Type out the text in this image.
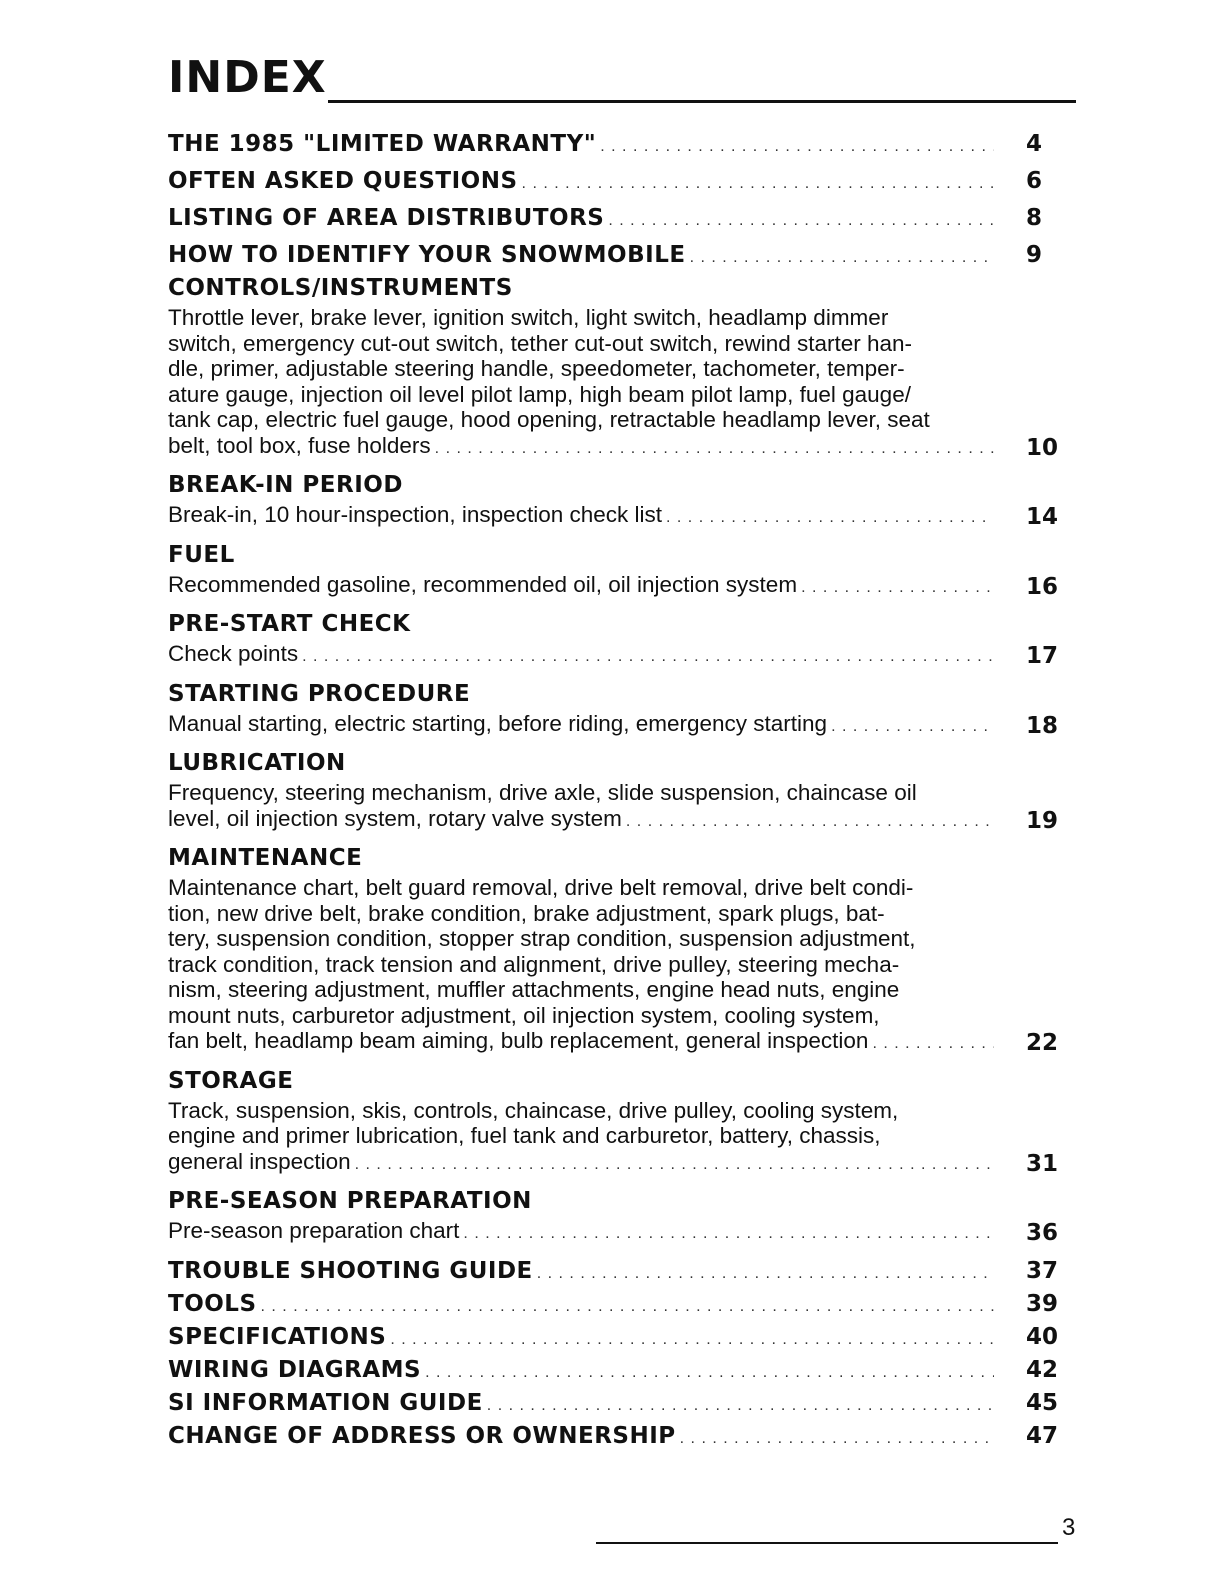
INDEX
THE 1985 "LIMITED WARRANTY" . . .	4
OFTEN ASKED QUESTIONS . . .	6
LISTING OF AREA DISTRIBUTORS . . .	8
HOW TO IDENTIFY YOUR SNOWMOBILE . . .	9
CONTROLS/INSTRUMENTS
Throttle lever, brake lever, ignition switch, light switch, headlamp dimmer
switch, emergency cut-out switch, tether cut-out switch, rewind starter han-
dle, primer, adjustable steering handle, speedometer, tachometer, temper-
ature gauge, injection oil level pilot lamp, high beam pilot lamp, fuel gauge/
tank cap, electric fuel gauge, hood opening, retractable headlamp lever, seat
belt, tool box, fuse holders . . .	10
BREAK-IN PERIOD
Break-in, 10 hour-inspection, inspection check list . . .	14
FUEL
Recommended gasoline, recommended oil, oil injection system . . .	16
PRE-START CHECK
Check points . . .	17
STARTING PROCEDURE
Manual starting, electric starting, before riding, emergency starting . . .	18
LUBRICATION
Frequency, steering mechanism, drive axle, slide suspension, chaincase oil
level, oil injection system, rotary valve system . . .	19
MAINTENANCE
Maintenance chart, belt guard removal, drive belt removal, drive belt condi-
tion, new drive belt, brake condition, brake adjustment, spark plugs, bat-
tery, suspension condition, stopper strap condition, suspension adjustment,
track condition, track tension and alignment, drive pulley, steering mecha-
nism, steering adjustment, muffler attachments, engine head nuts, engine
mount nuts, carburetor adjustment, oil injection system, cooling system,
fan belt, headlamp beam aiming, bulb replacement, general inspection . . .	22
STORAGE
Track, suspension, skis, controls, chaincase, drive pulley, cooling system,
engine and primer lubrication, fuel tank and carburetor, battery, chassis,
general inspection . . .	31
PRE-SEASON PREPARATION
Pre-season preparation chart . . .	36
TROUBLE SHOOTING GUIDE . . .	37
TOOLS . . .	39
SPECIFICATIONS . . .	40
WIRING DIAGRAMS . . .	42
SI INFORMATION GUIDE . . .	45
CHANGE OF ADDRESS OR OWNERSHIP . . .	47
3
